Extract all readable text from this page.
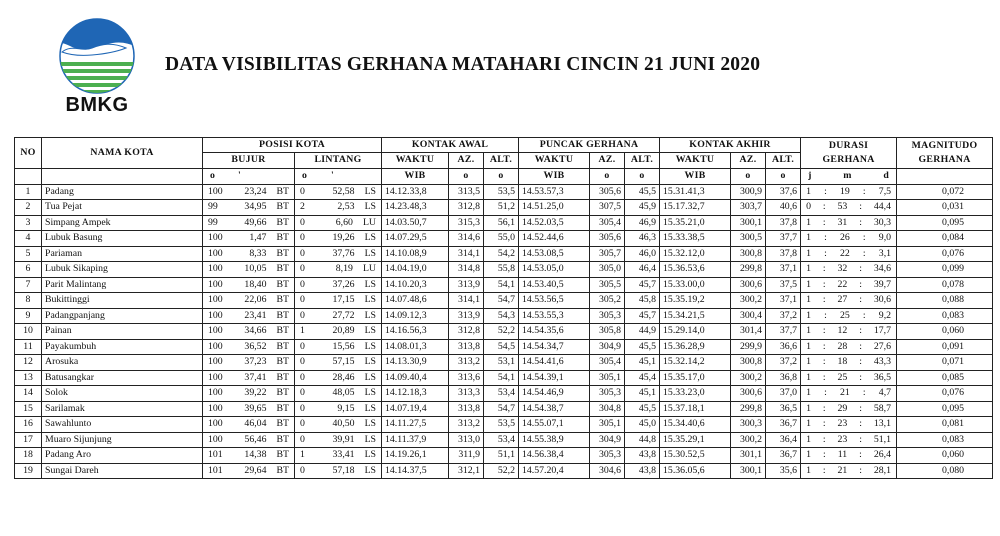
BMKG
DATA VISIBILITAS GERHANA MATAHARI CINCIN 21 JUNI 2020
NO	NAMA KOTA	POSISI KOTA		KONTAK AWAL			PUNCAK GERHANA			KONTAK AKHIR			DURASI GERHANA	MAGNITUDO GERHANA
		BUJUR	LINTANG	WAKTU	AZ.	ALT.	WAKTU	AZ.	ALT.	WAKTU	AZ.	ALT.		

		o '	o '	WIB	o	o	WIB	o	o	WIB	o	o	j m d	

1	Padang	100 23,24 BT	0 52,58 LS	14.12.33,8	313,5	53,5	14.53.57,3	305,6	45,5	15.31.41,3	300,9	37,6	1 : 19 : 7,5	0,072
2	Tua Pejat	99 34,95 BT	2 2,53 LS	14.23.48,3	312,8	51,2	14.51.25,0	307,5	45,9	15.17.32,7	303,7	40,6	0 : 53 : 44,4	0,031
3	Simpang Ampek	99 49,66 BT	0 6,60 LU	14.03.50,7	315,3	56,1	14.52.03,5	305,4	46,9	15.35.21,0	300,1	37,8	1 : 31 : 30,3	0,095
4	Lubuk Basung	100 1,47 BT	0 19,26 LS	14.07.29,5	314,6	55,0	14.52.44,6	305,6	46,3	15.33.38,5	300,5	37,7	1 : 26 : 9,0	0,084
5	Pariaman	100 8,33 BT	0 37,76 LS	14.10.08,9	314,1	54,2	14.53.08,5	305,7	46,0	15.32.12,0	300,8	37,8	1 : 22 : 3,1	0,076
6	Lubuk Sikaping	100 10,05 BT	0 8,19 LU	14.04.19,0	314,8	55,8	14.53.05,0	305,0	46,4	15.36.53,6	299,8	37,1	1 : 32 : 34,6	0,099
7	Parit Malintang	100 18,40 BT	0 37,26 LS	14.10.20,3	313,9	54,1	14.53.40,5	305,5	45,7	15.33.00,0	300,6	37,5	1 : 22 : 39,7	0,078
8	Bukittinggi	100 22,06 BT	0 17,15 LS	14.07.48,6	314,1	54,7	14.53.56,5	305,2	45,8	15.35.19,2	300,2	37,1	1 : 27 : 30,6	0,088
9	Padangpanjang	100 23,41 BT	0 27,72 LS	14.09.12,3	313,9	54,3	14.53.55,3	305,3	45,7	15.34.21,5	300,4	37,2	1 : 25 : 9,2	0,083
10	Painan	100 34,66 BT	1 20,89 LS	14.16.56,3	312,8	52,2	14.54.35,6	305,8	44,9	15.29.14,0	301,4	37,7	1 : 12 : 17,7	0,060
11	Payakumbuh	100 36,52 BT	0 15,56 LS	14.08.01,3	313,8	54,5	14.54.34,7	304,9	45,5	15.36.28,9	299,9	36,6	1 : 28 : 27,6	0,091
12	Arosuka	100 37,23 BT	0 57,15 LS	14.13.30,9	313,2	53,1	14.54.41,6	305,4	45,1	15.32.14,2	300,8	37,2	1 : 18 : 43,3	0,071
13	Batusangkar	100 37,41 BT	0 28,46 LS	14.09.40,4	313,6	54,1	14.54.39,1	305,1	45,4	15.35.17,0	300,2	36,8	1 : 25 : 36,5	0,085
14	Solok	100 39,22 BT	0 48,05 LS	14.12.18,3	313,3	53,4	14.54.46,9	305,3	45,1	15.33.23,0	300,6	37,0	1 : 21 : 4,7	0,076
15	Sarilamak	100 39,65 BT	0 9,15 LS	14.07.19,4	313,8	54,7	14.54.38,7	304,8	45,5	15.37.18,1	299,8	36,5	1 : 29 : 58,7	0,095
16	Sawahlunto	100 46,04 BT	0 40,50 LS	14.11.27,5	313,2	53,5	14.55.07,1	305,1	45,0	15.34.40,6	300,3	36,7	1 : 23 : 13,1	0,081
17	Muaro Sijunjung	100 56,46 BT	0 39,91 LS	14.11.37,9	313,0	53,4	14.55.38,9	304,9	44,8	15.35.29,1	300,2	36,4	1 : 23 : 51,1	0,083
18	Padang Aro	101 14,38 BT	1 33,41 LS	14.19.26,1	311,9	51,1	14.56.38,4	305,3	43,8	15.30.52,5	301,1	36,7	1 : 11 : 26,4	0,060
19	Sungai Dareh	101 29,64 BT	0 57,18 LS	14.14.37,5	312,1	52,2	14.57.20,4	304,6	43,8	15.36.05,6	300,1	35,6	1 : 21 : 28,1	0,080
